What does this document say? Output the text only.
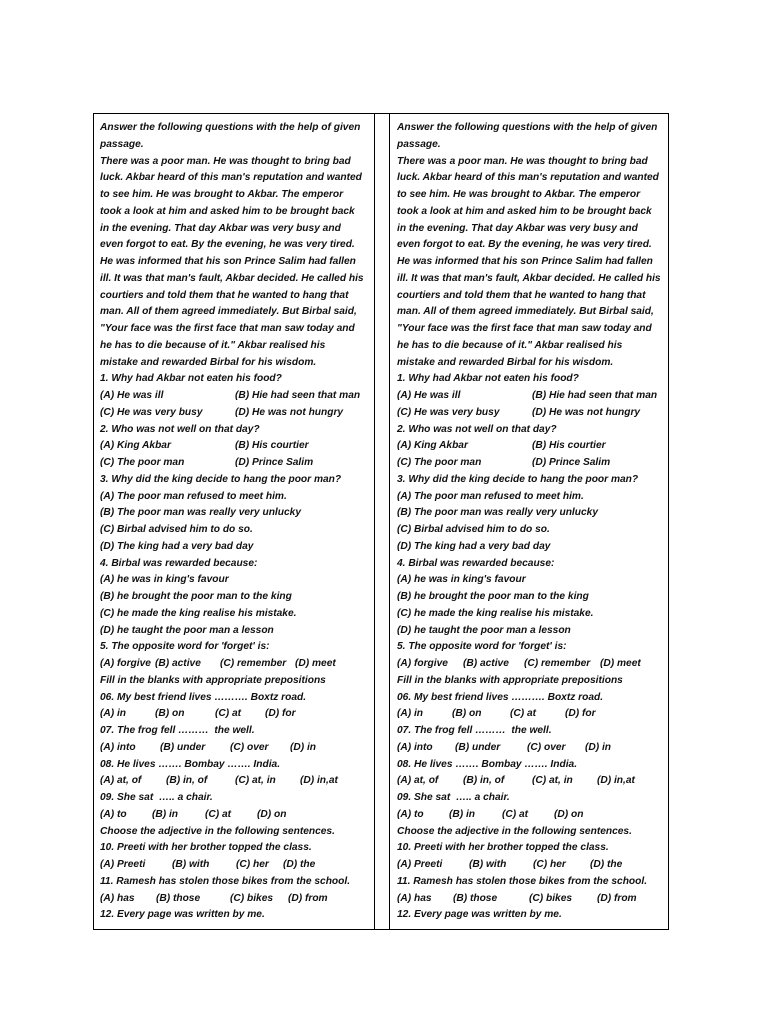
Answer the following questions with the help of given
passage.
There was a poor man. He was thought to bring bad
luck. Akbar heard of this man's reputation and wanted
to see him. He was brought to Akbar. The emperor
took a look at him and asked him to be brought back
in the evening. That day Akbar was very busy and
even forgot to eat. By the evening, he was very tired.
He was informed that his son Prince Salim had fallen
ill. It was that man's fault, Akbar decided. He called his
courtiers and told them that he wanted to hang that
man. All of them agreed immediately. But Birbal said,
"Your face was the first face that man saw today and
he has to die because of it." Akbar realised his
mistake and rewarded Birbal for his wisdom.
1. Why had Akbar not eaten his food?
(A) He was ill	(B) Hie had seen that man
(C) He was very busy	(D) He was not hungry
2. Who was not well on that day?
(A) King Akbar	(B) His courtier
(C) The poor man	(D) Prince Salim
3. Why did the king decide to hang the poor man?
(A) The poor man refused to meet him.
(B) The poor man was really very unlucky
(C) Birbal advised him to do so.
(D) The king had a very bad day
4. Birbal was rewarded because:
(A) he was in king's favour
(B) he brought the poor man to the king
(C) he made the king realise his mistake.
(D) he taught the poor man a lesson
5. The opposite word for 'forget' is:
(A) forgive (B) active (C) remember (D) meet
Fill in the blanks with appropriate prepositions
06. My best friend lives ………. Boxtz road.
(A) in	(B) on	(C) at (D) for
07. The frog fell ………  the well.
(A) into (B) under (C) over (D) in
08. He lives ……. Bombay ……. India.
(A) at, of (B) in, of	(C) at, in (D) in,at
09. She sat  ….. a chair.
(A) to (B) in	(C) at	(D) on
Choose the adjective in the following sentences.
10. Preeti with her brother topped the class.
(A) Preeti	(B) with	(C) her (D) the
11. Ramesh has stolen those bikes from the school.
(A) has (B) those	(C) bikes (D) from
12. Every page was written by me.
Answer the following questions with the help of given
passage.
There was a poor man. He was thought to bring bad
luck. Akbar heard of this man's reputation and wanted
to see him. He was brought to Akbar. The emperor
took a look at him and asked him to be brought back
in the evening. That day Akbar was very busy and
even forgot to eat. By the evening, he was very tired.
He was informed that his son Prince Salim had fallen
ill. It was that man's fault, Akbar decided. He called his
courtiers and told them that he wanted to hang that
man. All of them agreed immediately. But Birbal said,
"Your face was the first face that man saw today and
he has to die because of it." Akbar realised his
mistake and rewarded Birbal for his wisdom.
1. Why had Akbar not eaten his food?
(A) He was ill	(B) Hie had seen that man
(C) He was very busy	(D) He was not hungry
2. Who was not well on that day?
(A) King Akbar	(B) His courtier
(C) The poor man	(D) Prince Salim
3. Why did the king decide to hang the poor man?
(A) The poor man refused to meet him.
(B) The poor man was really very unlucky
(C) Birbal advised him to do so.
(D) The king had a very bad day
4. Birbal was rewarded because:
(A) he was in king's favour
(B) he brought the poor man to the king
(C) he made the king realise his mistake.
(D) he taught the poor man a lesson
5. The opposite word for 'forget' is:
(A) forgive (B) active (C) remember (D) meet
Fill in the blanks with appropriate prepositions
06. My best friend lives ………. Boxtz road.
(A) in	(B) on	(C) at	(D) for
07. The frog fell ………  the well.
(A) into (B) under	(C) over (D) in
08. He lives ……. Bombay ……. India.
(A) at, of (B) in, of	(C) at, in (D) in,at
09. She sat  ….. a chair.
(A) to (B) in	(C) at	(D) on
Choose the adjective in the following sentences.
10. Preeti with her brother topped the class.
(A) Preeti	(B) with	(C) her (D) the
11. Ramesh has stolen those bikes from the school.
(A) has (B) those	(C) bikes (D) from
12. Every page was written by me.
